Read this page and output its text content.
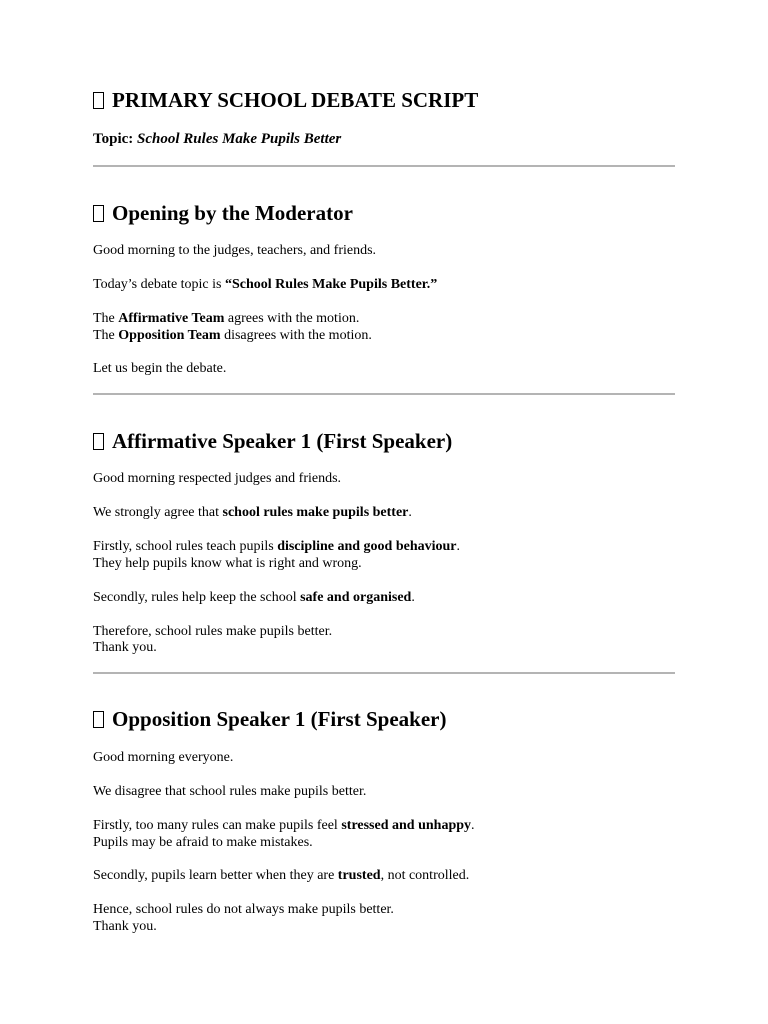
PRIMARY SCHOOL DEBATE SCRIPT

Topic: School Rules Make Pupils Better

Opening by the Moderator

Good morning to the judges, teachers, and friends.

Today’s debate topic is “School Rules Make Pupils Better.”

The Affirmative Team agrees with the motion.

The Opposition Team disagrees with the motion.

Let us begin the debate.

Affirmative Speaker 1 (First Speaker)

Good morning respected judges and friends.

We strongly agree that school rules make pupils better.

Firstly, school rules teach pupils discipline and good behaviour.

They help pupils know what is right and wrong.

Secondly, rules help keep the school safe and organised.

Therefore, school rules make pupils better.

Thank you.

Opposition Speaker 1 (First Speaker)

Good morning everyone.

We disagree that school rules make pupils better.

Firstly, too many rules can make pupils feel stressed and unhappy.

Pupils may be afraid to make mistakes.

Secondly, pupils learn better when they are trusted, not controlled.

Hence, school rules do not always make pupils better.

Thank you.
